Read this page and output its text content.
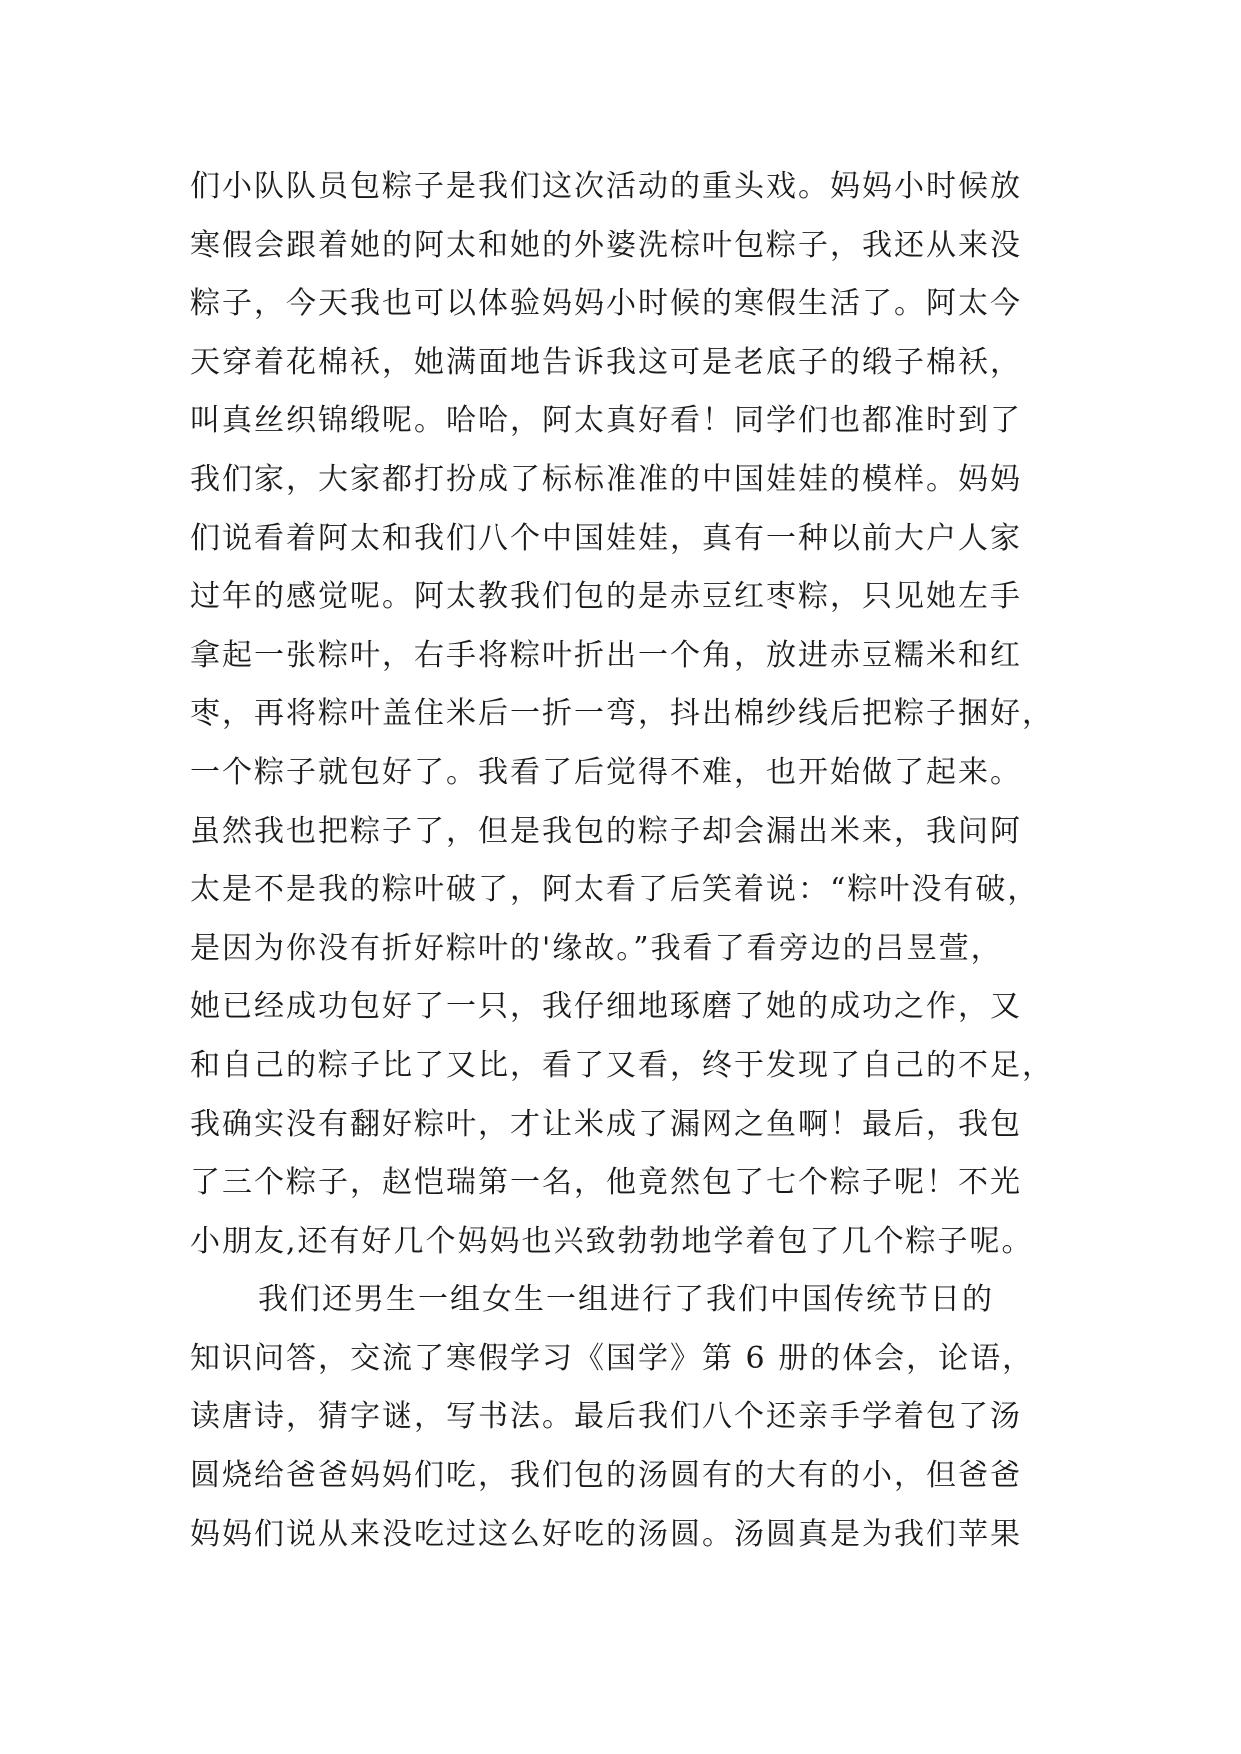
们小队队员包粽子是我们这次活动的重头戏。妈妈小时候放
寒假会跟着她的阿太和她的外婆洗棕叶包粽子，我还从来没
粽子，今天我也可以体验妈妈小时候的寒假生活了。阿太今
天穿着花棉袄，她满面地告诉我这可是老底子的缎子棉袄，
叫真丝织锦缎呢。哈哈，阿太真好看！同学们也都准时到了
我们家，大家都打扮成了标标准准的中国娃娃的模样。妈妈
们说看着阿太和我们八个中国娃娃，真有一种以前大户人家
过年的感觉呢。阿太教我们包的是赤豆红枣粽，只见她左手
拿起一张粽叶，右手将粽叶折出一个角，放进赤豆糯米和红
枣，再将粽叶盖住米后一折一弯，抖出棉纱线后把粽子捆好，
一个粽子就包好了。我看了后觉得不难，也开始做了起来。
虽然我也把粽子了，但是我包的粽子却会漏出米来，我问阿
太是不是我的粽叶破了，阿太看了后笑着说：“粽叶没有破，
是因为你没有折好粽叶的'缘故。”我看了看旁边的吕昱萱，
她已经成功包好了一只，我仔细地琢磨了她的成功之作，又
和自己的粽子比了又比，看了又看，终于发现了自己的不足，
我确实没有翻好粽叶，才让米成了漏网之鱼啊！最后，我包
了三个粽子，赵恺瑞第一名，他竟然包了七个粽子呢！不光
小朋友,还有好几个妈妈也兴致勃勃地学着包了几个粽子呢。
我们还男生一组女生一组进行了我们中国传统节日的
知识问答，交流了寒假学习《国学》第 6 册的体会，论语，
读唐诗，猜字谜，写书法。最后我们八个还亲手学着包了汤
圆烧给爸爸妈妈们吃，我们包的汤圆有的大有的小，但爸爸
妈妈们说从来没吃过这么好吃的汤圆。汤圆真是为我们苹果
